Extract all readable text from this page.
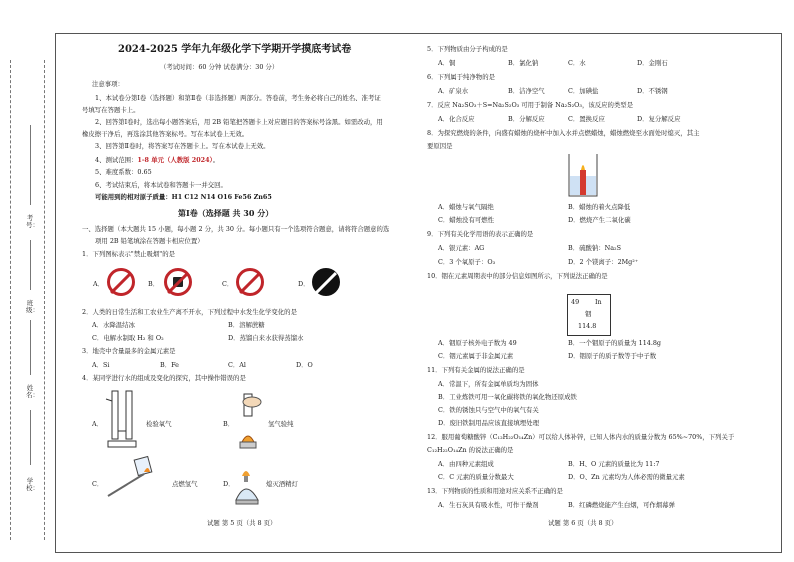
学校：
姓名：
班级：
考号：
2024-2025 学年九年级化学下学期开学摸底考试卷
（考试时间：60 分钟 试卷满分：30 分）
注意事项：
1、本试卷分第Ⅰ卷（选择题）和第Ⅱ卷（非选择题）两部分。答卷前，考生务必将自己的姓名、准考证
号填写在答题卡上。
2、回答第Ⅰ卷时，选出每小题答案后，用 2B 铅笔把答题卡上对应题目的答案标号涂黑。如需改动，用
橡皮擦干净后，再选涂其他答案标号。写在本试卷上无效。
3、回答第Ⅱ卷时，将答案写在答题卡上。写在本试卷上无效。
4、测试范围：1-8 单元（人教版 2024）。
5、难度系数：0.65
6、考试结束后，将本试卷和答题卡一并交回。
可能用到的相对原子质量：H1 C12 N14 O16 Fe56 Zn65
第Ⅰ卷（选择题 共 30 分）
一、选择题（本大题共 15 小题，每小题 2 分，共 30 分。每小题只有一个选项符合题意，请将符合题意的选
项用 2B 铅笔填涂在答题卡相应位置）
1．下列图标表示"禁止吸烟"的是
A．	B．	C．	D．
2．人类的日常生活和工农业生产离不开水，下列过程中水发生化学变化的是
A．水降温结冰	B．溶解蔗糖
C．电解水制取 H₂ 和 O₂	D．蒸馏自来水获得蒸馏水
3．地壳中含量最多的金属元素是
A．Si	B．Fe	C．Al	D．O
4．某同学进行水的组成及变化的探究，其中操作错误的是
A．	检验氧气	B．	氢气验纯
C．	点燃氢气	D．	熄灭酒精灯
试题 第 5 页（共 8 页）
5．下列物质由分子构成的是
A．铜	B．氯化钠	C．水	D．金刚石
6．下列属于纯净物的是
A．矿泉水	B．洁净空气	C．加碘盐	D．不锈钢
7．反应 Na₂SO₃＋S=Na₂S₂O₃ 可用于制备 Na₂S₂O₃，该反应的类型是
A．化合反应	B．分解反应	C．置换反应	D．复分解反应
8．为探究燃烧的条件，向盛有蜡烛的烧杯中加入水并点燃蜡烛，蜡烛燃烧至水面处时熄灭，其主
要原因是
A．蜡烛与氧气隔绝	B．蜡烛的着火点降低
C．蜡烛没有可燃性	D．燃烧产生二氧化碳
9．下列有关化学用语的表示正确的是
A．银元素：AG	B．硫酸钠：Na₂S
C．3 个氧原子：O₃	D．2 个镁离子：2Mg²⁺
10．铟在元素周期表中的部分信息如图所示，下列说法正确的是
49 In
铟
114.8
A．铟原子核外电子数为 49	B．一个铟原子的质量为 114.8g
C．铟元素属于非金属元素	D．铟原子的质子数等于中子数
11．下列有关金属的说法正确的是
A．常温下，所有金属单质均为固体
B．工业炼铁可用一氧化碳将铁的氧化物还原成铁
C．铁的锈蚀只与空气中的氧气有关
D．废旧铁制用品应该直接填埋处理
12．服用葡萄糖酸锌（C₁₂H₂₂O₁₄Zn）可以给人体补锌，已知人体内水的质量分数为 65%~70%，下列关于
C₁₂H₂₂O₁₄Zn 的说法正确的是
A．由四种元素组成	B．H、O 元素的质量比为 11:7
C．C 元素的质量分数最大	D．O、Zn 元素均为人体必需的微量元素
13．下列物质的性质和用途对应关系不正确的是
A．生石灰具有吸水性，可作干燥剂	B．红磷燃烧能产生白烟，可作烟幕弹
试题 第 6 页（共 8 页）
